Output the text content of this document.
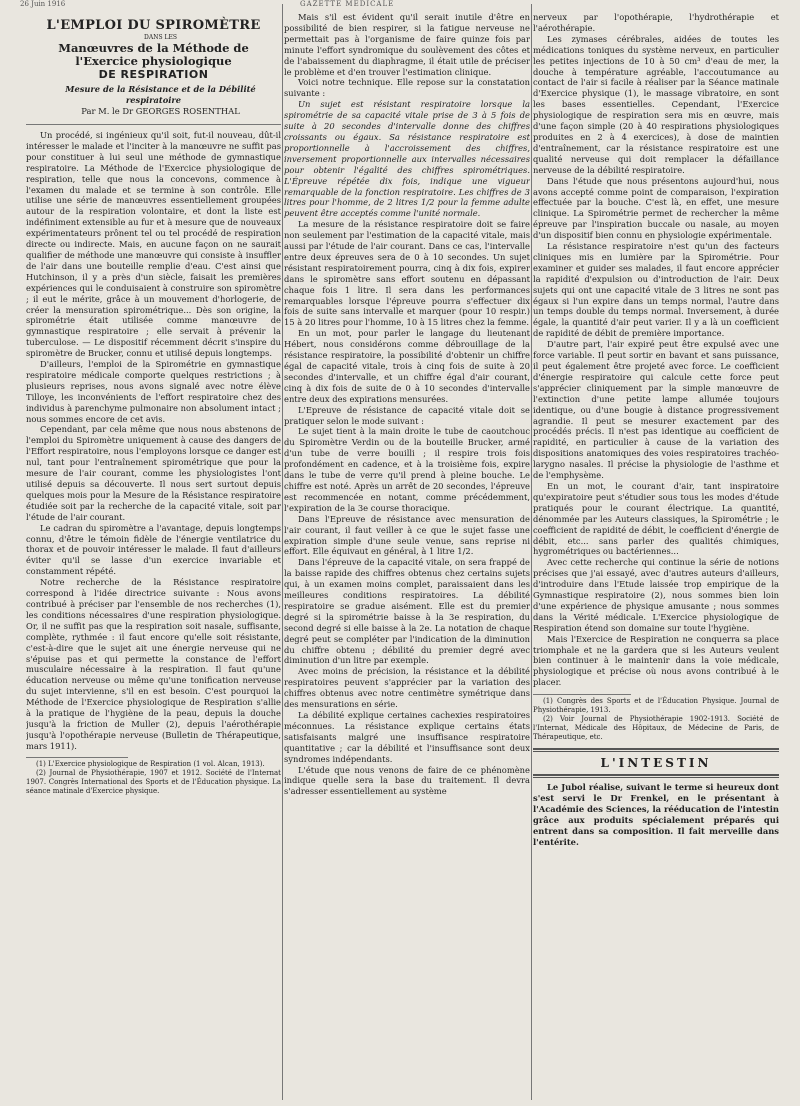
26 Juin 1916	GAZETTE MEDICALE
L'EMPLOI DU SPIROMÈTRE

DANS LES

Manœuvres de la Méthode de l'Exercice physiologique
DE RESPIRATION

Mesure de la Résistance et de la Débilité respiratoire

Par M. le Dr GEORGES ROSENTHAL

Un procédé, si ingénieux qu'il soit, fut-il nouveau, dût-il intéresser le malade et l'inciter à la manœuvre ne suffit pas pour constituer à lui seul une méthode de gymnastique respiratoire. La Méthode de l'Exercice physiologique de respiration, telle que nous la concevons, commence à l'examen du malade et se termine à son contrôle. Elle utilise une série de manœuvres essentiellement groupées autour de la respiration volontaire, et dont la liste est indéfiniment extensible au fur et à mesure que de nouveaux expérimentateurs prônent tel ou tel procédé de respiration directe ou indirecte. Mais, en aucune façon on ne saurait qualifier de méthode une manœuvre qui consiste à insuffler de l'air dans une bouteille remplie d'eau. C'est ainsi que Hutchinson, il y a près d'un siècle, faisait les premières expériences qui le conduisaient à construire son spiromètre ; il eut le mérite, grâce à un mouvement d'horlogerie, de créer la mensuration spirométrique... Dès son origine, la spirométrie était utilisée comme manœuvre de gymnastique respiratoire ; elle servait à prévenir la tuberculose. — Le dispositif récemment décrit s'inspire du spiromètre de Brucker, connu et utilisé depuis longtemps.

D'ailleurs, l'emploi de la Spirométrie en gymnastique respiratoire médicale comporte quelques restrictions ; à plusieurs reprises, nous avons signalé avec notre élève Tilloye, les inconvénients de l'effort respiratoire chez des individus à parenchyme pulmonaire non absolument intact ; nous sommes encore de cet avis.

Cependant, par cela même que nous nous abstenons de l'emploi du Spiromètre uniquement à cause des dangers de l'Effort respiratoire, nous l'employons lorsque ce danger est nul, tant pour l'entraînement spirométrique que pour la mesure de l'air courant, comme les physiologistes l'ont utilisé depuis sa découverte. Il nous sert surtout depuis quelques mois pour la Mesure de la Résistance respiratoire étudiée soit par la recherche de la capacité vitale, soit par l'étude de l'air courant.

Le cadran du spiromètre a l'avantage, depuis longtemps connu, d'être le témoin fidèle de l'énergie ventilatrice du thorax et de pouvoir intéresser le malade. Il faut d'ailleurs éviter qu'il se lasse d'un exercice invariable et constamment répété.

Notre recherche de la Résistance respiratoire correspond à l'idée directrice suivante : Nous avons contribué à préciser par l'ensemble de nos recherches (1), les conditions nécessaires d'une respiration physiologique. Or, il ne suffit pas que la respiration soit nasale, suffisante, complète, rythmée : il faut encore qu'elle soit résistante, c'est-à-dire que le sujet ait une énergie nerveuse qui ne s'épuise pas et qui permette la constance de l'effort musculaire nécessaire à la respiration. Il faut qu'une éducation nerveuse ou même qu'une tonification nerveuse du sujet intervienne, s'il en est besoin. C'est pourquoi la Méthode de l'Exercice physiologique de Respiration s'allie à la pratique de l'hygiène de la peau, depuis la douche jusqu'à la friction de Muller (2), depuis l'aérothérapie jusqu'à l'opothérapie nerveuse (Bulletin de Thérapeutique, mars 1911).

(1) L'Exercice physiologique de Respiration (1 vol. Alcan, 1913).

(2) Journal de Physiothérapie, 1907 et 1912. Société de l'Internat 1907. Congrès International des Sports et de l'Éducation physique. La séance matinale d'Exercice physique.

Mais s'il est évident qu'il serait inutile d'être en possibilité de bien respirer, si la fatigue nerveuse ne permettait pas à l'organisme de faire quinze fois par minute l'effort syndromique du soulèvement des côtes et de l'abaissement du diaphragme, il était utile de préciser le problème et d'en trouver l'estimation clinique.

Voici notre technique. Elle repose sur la constatation suivante :

Un sujet est résistant respiratoire lorsque la spirométrie de sa capacité vitale prise de 3 à 5 fois de suite à 20 secondes d'intervalle donne des chiffres croissants ou égaux. Sa résistance respiratoire est proportionnelle à l'accroissement des chiffres, inversement proportionnelle aux intervalles nécessaires pour obtenir l'égalité des chiffres spirométriques. L'Épreuve répétée dix fois, indique une vigueur remarquable de la fonction respiratoire. Les chiffres de 3 litres pour l'homme, de 2 litres 1/2 pour la femme adulte peuvent être acceptés comme l'unité normale.

La mesure de la résistance respiratoire doit se faire non seulement par l'estimation de la capacité vitale, mais aussi par l'étude de l'air courant. Dans ce cas, l'intervalle entre deux épreuves sera de 0 à 10 secondes. Un sujet résistant respiratoirement pourra, cinq à dix fois, expirer dans le spiromètre sans effort soutenu en dépassant chaque fois 1 litre. Il sera dans les performances remarquables lorsque l'épreuve pourra s'effectuer dix fois de suite sans intervalle et marquer (pour 10 respir.) 15 à 20 litres pour l'homme, 10 à 15 litres chez la femme.

En un mot, pour parler le langage du lieutenant Hébert, nous considérons comme débrouillage de la résistance respiratoire, la possibilité d'obtenir un chiffre égal de capacité vitale, trois à cinq fois de suite à 20 secondes d'intervalle, et un chiffre égal d'air courant, cinq à dix fois de suite de 0 à 10 secondes d'intervalle entre deux des expirations mensurées.

L'Epreuve de résistance de capacité vitale doit se pratiquer selon le mode suivant :

Le sujet tient à la main droite le tube de caoutchouc du Spiromètre Verdin ou de la bouteille Brucker, armé d'un tube de verre bouilli ; il respire trois fois profondément en cadence, et à la troisième fois, expire dans le tube de verre qu'il prend à pleine bouche. Le chiffre est noté. Après un arrêt de 20 secondes, l'épreuve est recommencée en notant, comme précédemment, l'expiration de la 3e course thoracique.

Dans l'Epreuve de résistance avec mensuration de l'air courant, il faut veiller à ce que le sujet fasse une expiration simple d'une seule venue, sans reprise ni effort. Elle équivaut en général, à 1 litre 1/2.

Dans l'épreuve de la capacité vitale, on sera frappé de la baisse rapide des chiffres obtenus chez certains sujets qui, à un examen moins complet, paraissaient dans les meilleures conditions respiratoires. La débilité respiratoire se gradue aisément. Elle est du premier degré si la spirométrie baisse à la 3e respiration, du second degré si elle baisse à la 2e. La notation de chaque degré peut se compléter par l'indication de la diminution du chiffre obtenu ; débilité du premier degré avec diminution d'un litre par exemple.

Avec moins de précision, la résistance et la débilité respiratoires peuvent s'apprécier par la variation des chiffres obtenus avec notre centimètre symétrique dans des mensurations en série.

La débilité explique certaines cachexies respiratoires méconnues. La résistance explique certains états satisfaisants malgré une insuffisance respiratoire quantitative ; car la débilité et l'insuffisance sont deux syndromes indépendants.

L'étude que nous venons de faire de ce phénomène indique quelle sera la base du traitement. Il devra s'adresser essentiellement au système

nerveux par l'opothérapie, l'hydrothérapie et l'aérothérapie.

Les zymases cérébrales, aidées de toutes les médications toniques du système nerveux, en particulier les petites injections de 10 à 50 cm³ d'eau de mer, la douche à température agréable, l'accoutumance au contact de l'air si facile à réaliser par la Séance matinale d'Exercice physique (1), le massage vibratoire, en sont les bases essentielles. Cependant, l'Exercice physiologique de respiration sera mis en œuvre, mais d'une façon simple (20 à 40 respirations physiologiques produites en 2 à 4 exercices), à dose de maintien d'entraînement, car la résistance respiratoire est une qualité nerveuse qui doit remplacer la défaillance nerveuse de la débilité respiratoire.

Dans l'étude que nous présentons aujourd'hui, nous avons accepté comme point de comparaison, l'expiration effectuée par la bouche. C'est là, en effet, une mesure clinique. La Spirométrie permet de rechercher la même épreuve par l'inspiration buccale ou nasale, au moyen d'un dispositif bien connu en physiologie expérimentale.

La résistance respiratoire n'est qu'un des facteurs cliniques mis en lumière par la Spirométrie. Pour examiner et guider ses malades, il faut encore apprécier la rapidité d'expulsion ou d'introduction de l'air. Deux sujets qui ont une capacité vitale de 3 litres ne sont pas égaux si l'un expire dans un temps normal, l'autre dans un temps double du temps normal. Inversement, à durée égale, la quantité d'air peut varier. Il y a là un coefficient de rapidité de débit de première importance.

D'autre part, l'air expiré peut être expulsé avec une force variable. Il peut sortir en bavant et sans puissance, il peut également être projeté avec force. Le coefficient d'énergie respiratoire qui calcule cette force peut s'apprécier cliniquement par la simple manœuvre de l'extinction d'une petite lampe allumée toujours identique, ou d'une bougie à distance progressivement agrandie. Il peut se mesurer exactement par des procédés précis. Il n'est pas identique au coefficient de rapidité, en particulier à cause de la variation des dispositions anatomiques des voies respiratoires trachéo-larygno nasales. Il précise la physiologie de l'asthme et de l'emphysème.

En un mot, le courant d'air, tant inspiratoire qu'expiratoire peut s'étudier sous tous les modes d'étude pratiqués pour le courant électrique. La quantité, dénommée par les Auteurs classiques, la Spirométrie ; le coefficient de rapidité de débit, le coefficient d'énergie de débit, etc... sans parler des qualités chimiques, hygrométriques ou bactériennes...

Avec cette recherche qui continue la série de notions précises que j'ai essayé, avec d'autres auteurs d'ailleurs, d'introduire dans l'Etude laissée trop empirique de la Gymnastique respiratoire (2), nous sommes bien loin d'une expérience de physique amusante ; nous sommes dans la Vérité médicale. L'Exercice physiologique de Respiration étend son domaine sur toute l'hygiène.

Mais l'Exercice de Respiration ne conquerra sa place triomphale et ne la gardera que si les Auteurs veulent bien continuer à le maintenir dans la voie médicale, physiologique et précise où nous avons contribué à le placer.

(1) Congrès des Sports et de l'Éducation Physique. Journal de Physiothérapie, 1913.

(2) Voir Journal de Physiothérapie 1902-1913. Société de l'Internat, Médicale des Hôpitaux, de Médecine de Paris, de Thérapeutique, etc.

L'INTESTIN

Le Jubol réalise, suivant le terme si heureux dont s'est servi le Dr Frenkel, en le présentant à l'Académie des Sciences, la rééducation de l'intestin grâce aux produits spécialement préparés qui entrent dans sa composition. Il fait merveille dans l'entérite.
